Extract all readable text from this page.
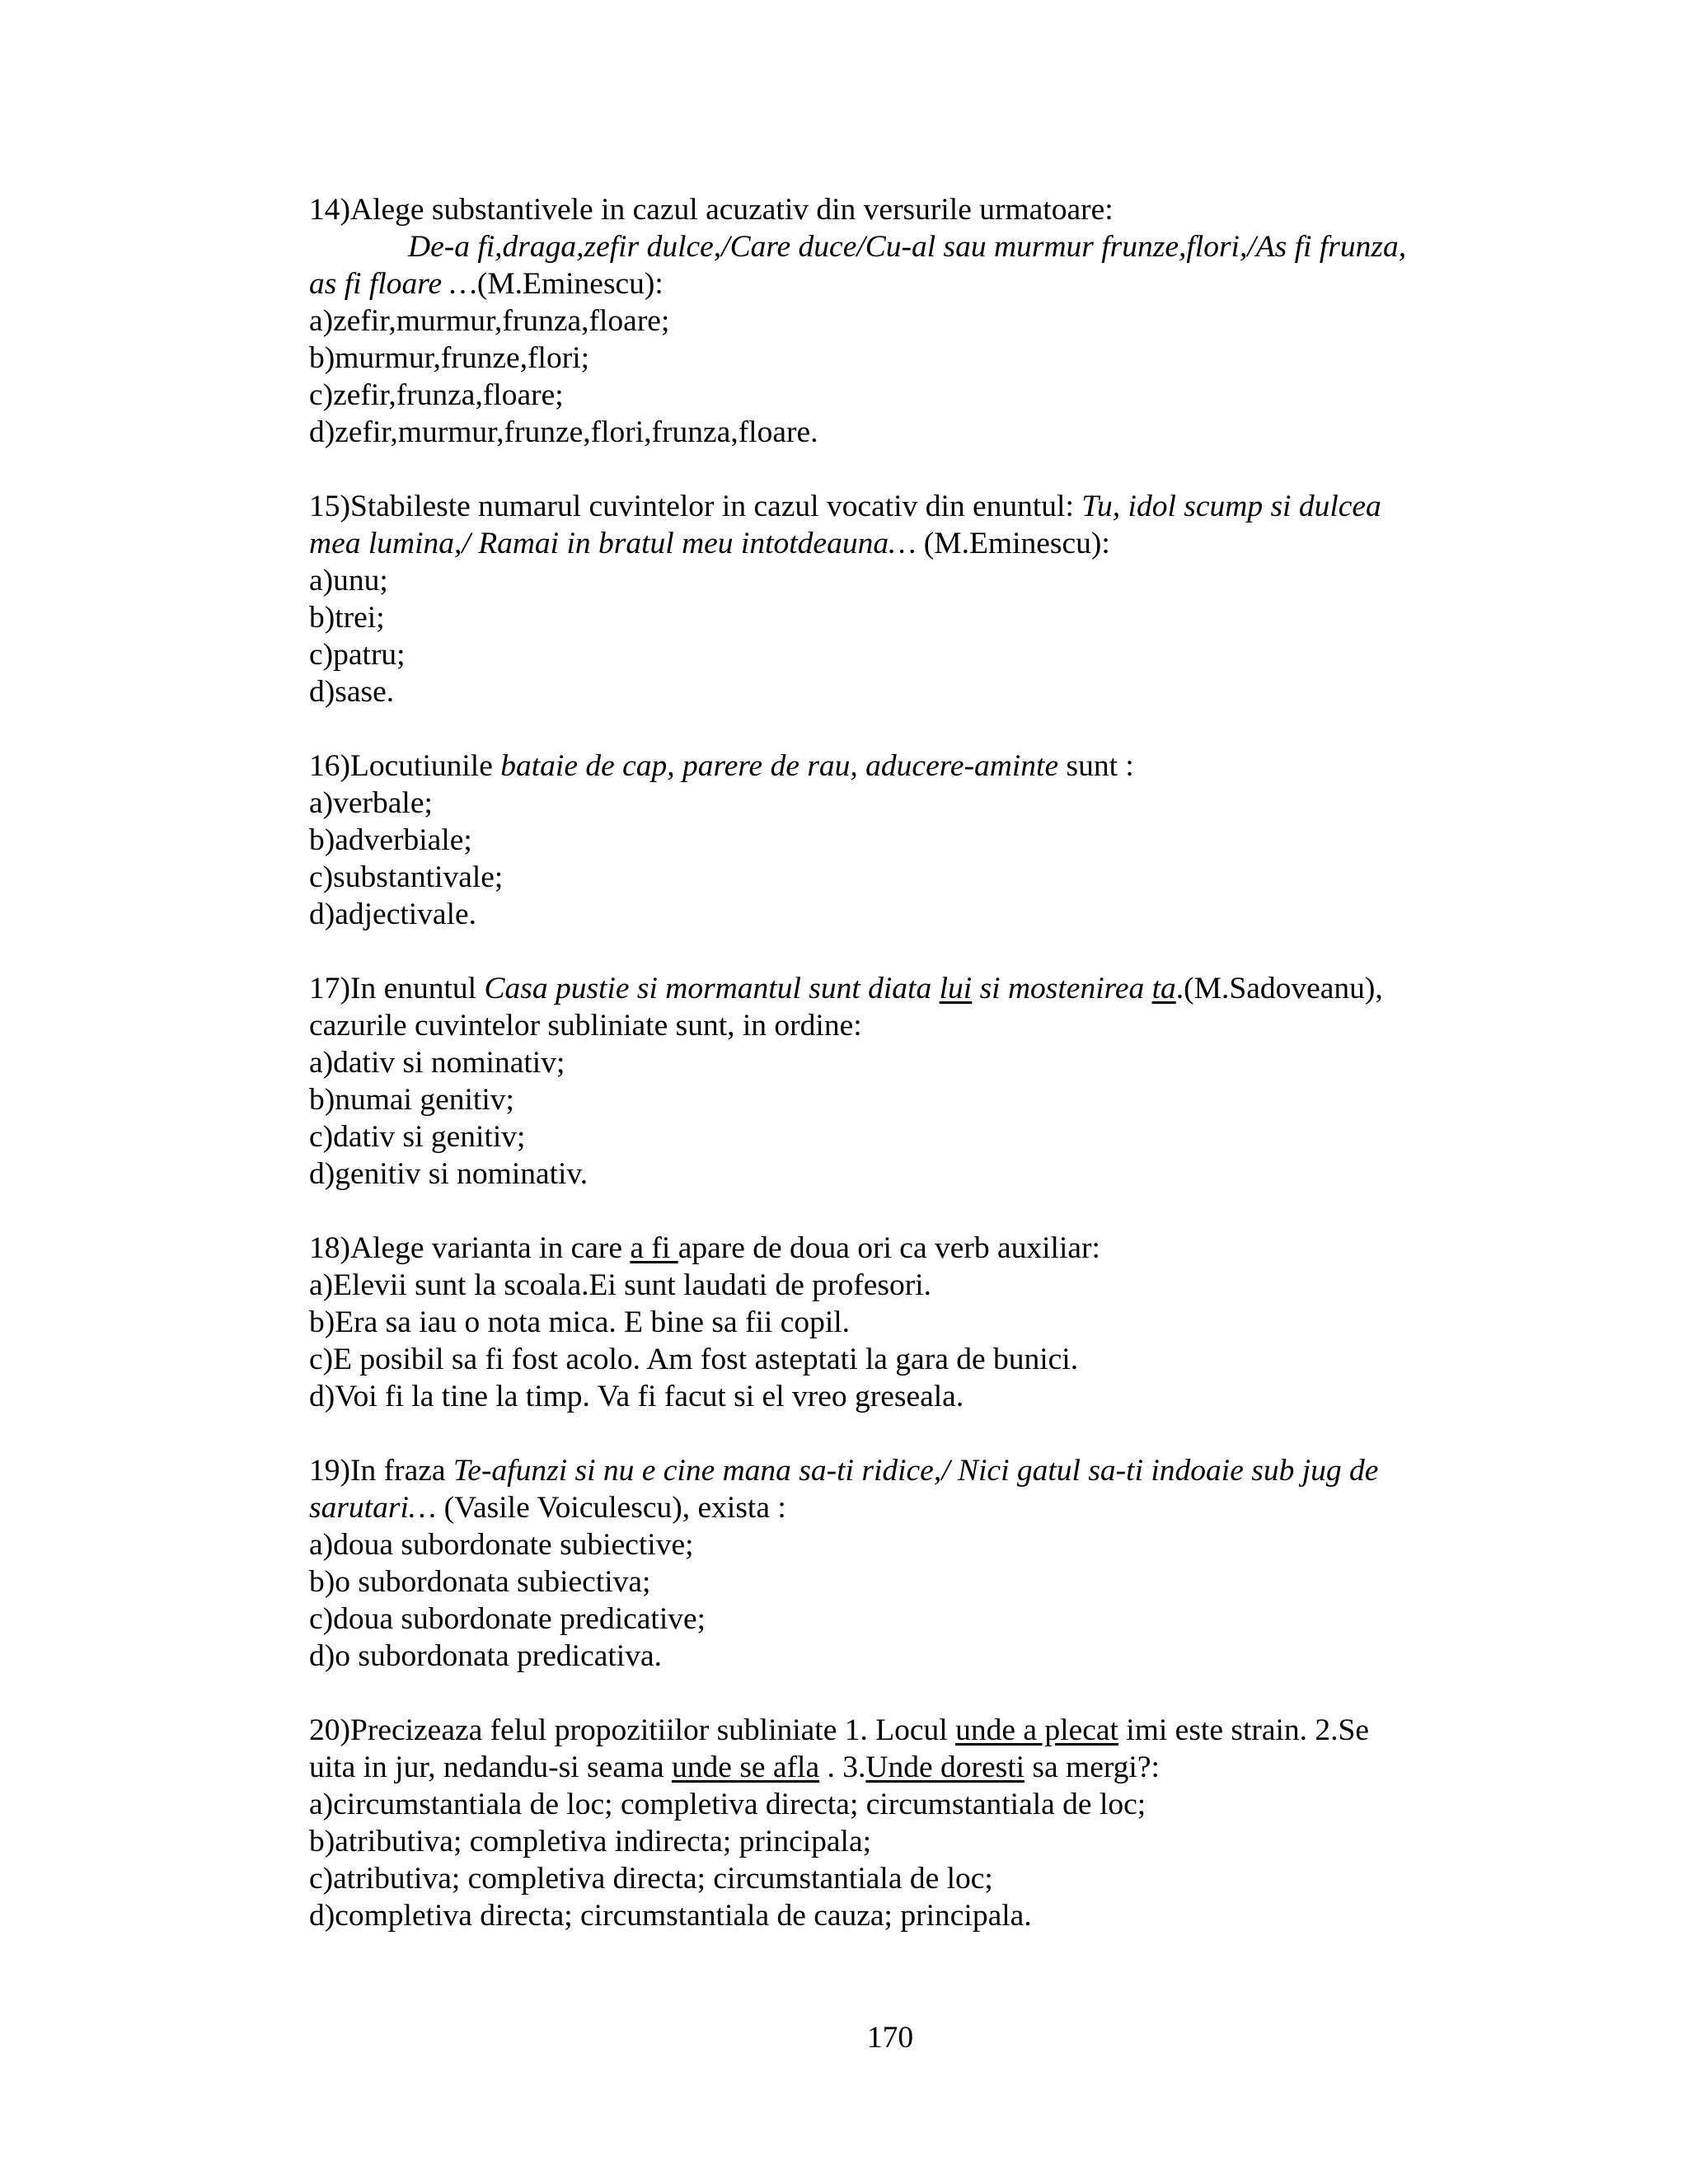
14)Alege substantivele in cazul acuzativ din versurile urmatoare:
De-a fi,draga,zefir dulce,/Care duce/Cu-al sau murmur frunze,flori,/As fi frunza,
as fi floare …(M.Eminescu):
a)zefir,murmur,frunza,floare;
b)murmur,frunze,flori;
c)zefir,frunza,floare;
d)zefir,murmur,frunze,flori,frunza,floare.
15)Stabileste numarul cuvintelor in cazul vocativ din enuntul: Tu, idol scump si dulcea
mea lumina,/ Ramai in bratul meu intotdeauna… (M.Eminescu):
a)unu;
b)trei;
c)patru;
d)sase.
16)Locutiunile bataie de cap, parere de rau, aducere-aminte sunt :
a)verbale;
b)adverbiale;
c)substantivale;
d)adjectivale.
17)In enuntul Casa pustie si mormantul sunt diata lui si mostenirea ta.(M.Sadoveanu),
cazurile cuvintelor subliniate sunt, in ordine:
a)dativ si nominativ;
b)numai genitiv;
c)dativ si genitiv;
d)genitiv si nominativ.
18)Alege varianta in care a fi apare de doua ori ca verb auxiliar:
a)Elevii sunt la scoala.Ei sunt laudati de profesori.
b)Era sa iau o nota mica. E bine sa fii copil.
c)E posibil sa fi fost acolo. Am fost asteptati la gara de bunici.
d)Voi fi la tine la timp. Va fi facut si el vreo greseala.
19)In fraza Te-afunzi si nu e cine mana sa-ti ridice,/ Nici gatul sa-ti indoaie sub jug de
sarutari… (Vasile Voiculescu), exista :
a)doua subordonate subiective;
b)o subordonata subiectiva;
c)doua subordonate predicative;
d)o subordonata predicativa.
20)Precizeaza felul propozitiilor subliniate 1. Locul unde a plecat imi este strain. 2.Se
uita in jur, nedandu-si seama unde se afla . 3.Unde doresti sa mergi?:
a)circumstantiala de loc; completiva directa; circumstantiala de loc;
b)atributiva; completiva indirecta; principala;
c)atributiva; completiva directa; circumstantiala de loc;
d)completiva directa; circumstantiala de cauza; principala.
170
